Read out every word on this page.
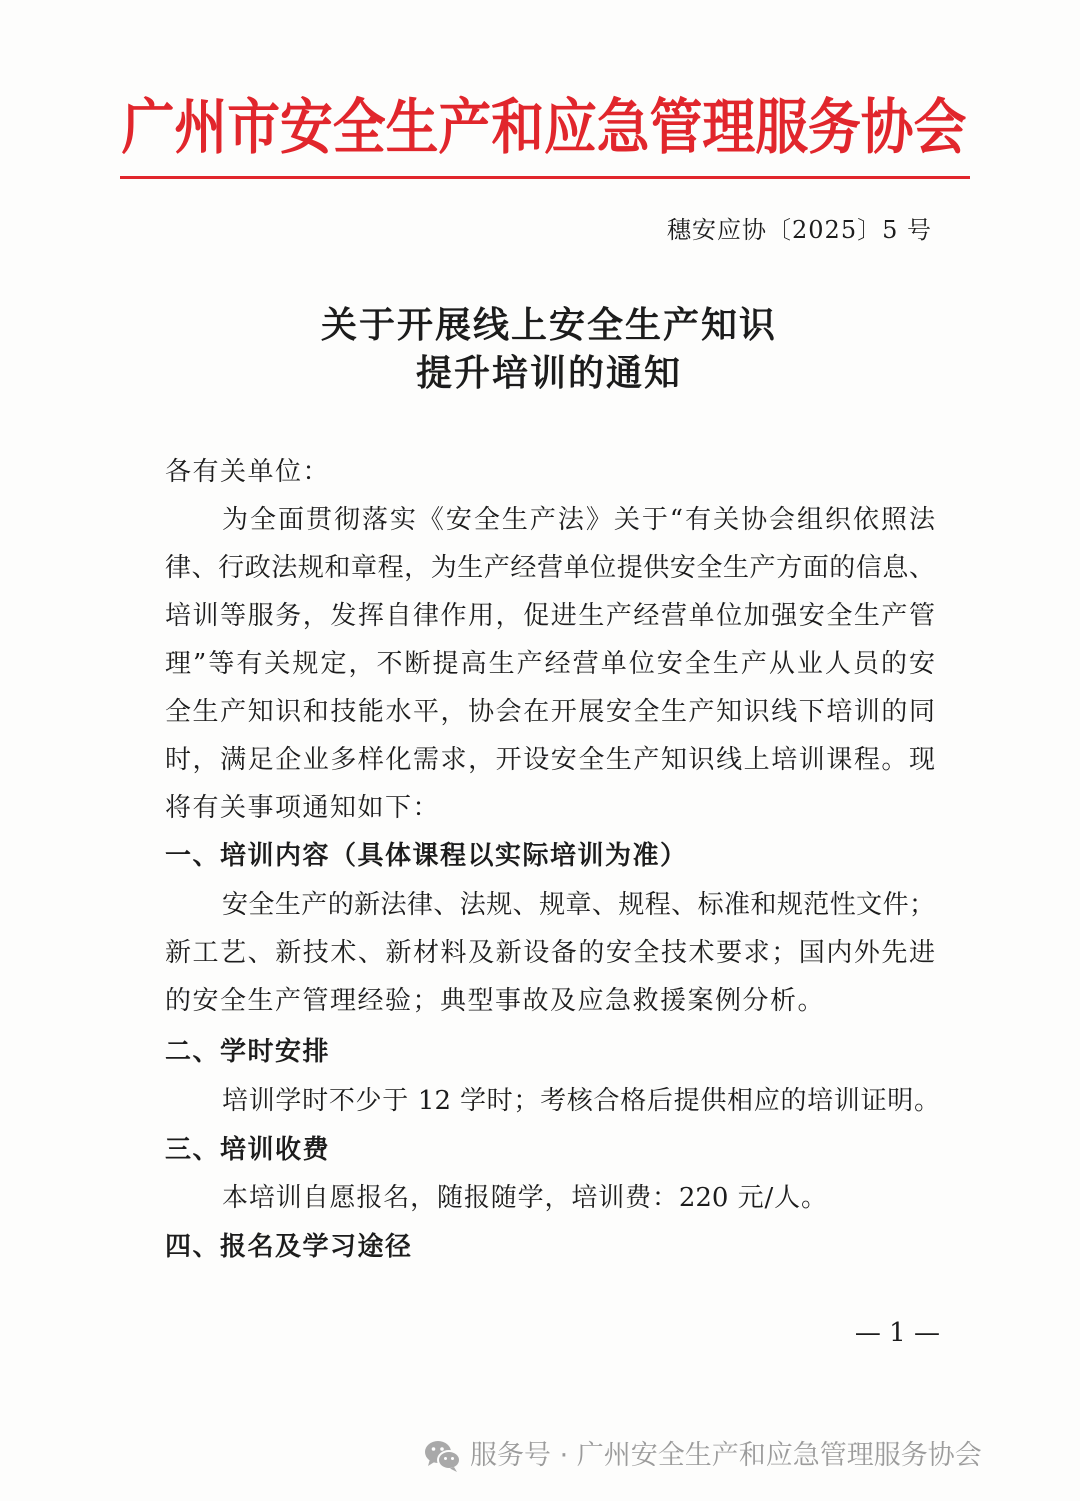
广州市安全生产和应急管理服务协会
穗安应协〔2025〕5 号
关于开展线上安全生产知识
提升培训的通知
各有关单位：
为全面贯彻落实《安全生产法》关于“有关协会组织依照法
律、行政法规和章程，为生产经营单位提供安全生产方面的信息、
培训等服务，发挥自律作用，促进生产经营单位加强安全生产管
理”等有关规定，不断提高生产经营单位安全生产从业人员的安
全生产知识和技能水平，协会在开展安全生产知识线下培训的同
时，满足企业多样化需求，开设安全生产知识线上培训课程。现
将有关事项通知如下：
一、培训内容（具体课程以实际培训为准）
安全生产的新法律、法规、规章、规程、标准和规范性文件；
新工艺、新技术、新材料及新设备的安全技术要求；国内外先进
的安全生产管理经验；典型事故及应急救援案例分析。
二、学时安排
培训学时不少于 12 学时；考核合格后提供相应的培训证明。
三、培训收费
本培训自愿报名，随报随学，培训费：220 元/人。
四、报名及学习途径
— 1 —
服务号 · 广州安全生产和应急管理服务协会
